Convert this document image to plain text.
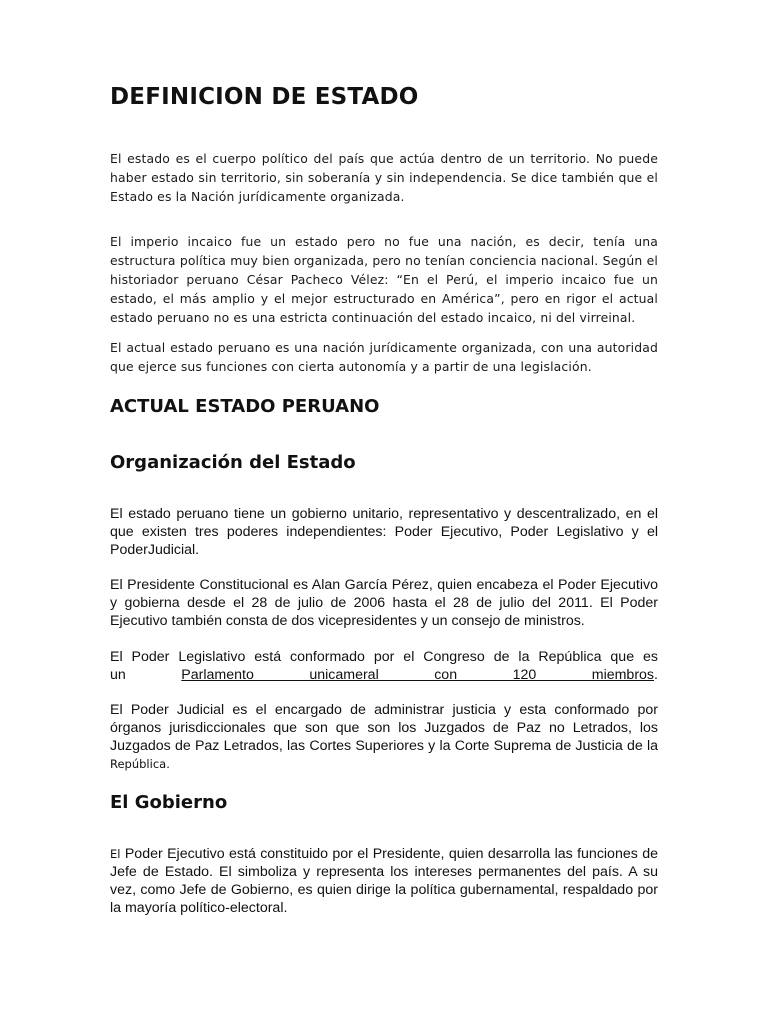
DEFINICION DE ESTADO

El estado es el cuerpo político del país que actúa dentro de un territorio. No puede haber estado sin territorio, sin soberanía y sin independencia. Se dice también que el Estado es la Nación jurídicamente organizada.

El imperio incaico fue un estado pero no fue una nación, es decir, tenía una estructura política muy bien organizada, pero no tenían conciencia nacional. Según el historiador peruano César Pacheco Vélez: “En el Perú, el imperio incaico fue un estado, el más amplio y el mejor estructurado en América”, pero en rigor el actual estado peruano no es una estricta continuación del estado incaico, ni del virreinal.

El actual estado peruano es una nación jurídicamente organizada, con una autoridad que ejerce sus funciones con cierta autonomía y a partir de una legislación.

ACTUAL ESTADO PERUANO
Organización del Estado

El estado peruano tiene un gobierno unitario, representativo y descentralizado, en el que existen tres poderes independientes: Poder Ejecutivo, Poder Legislativo y el PoderJudicial.

El Presidente Constitucional es Alan García Pérez, quien encabeza el Poder Ejecutivo y gobierna desde el 28 de julio de 2006 hasta el 28 de julio del 2011. El Poder Ejecutivo también consta de dos vicepresidentes y un consejo de ministros.

El Poder Legislativo está conformado por el Congreso de la República que es
un	Parlamento unicameral con 120 miembros.

El Poder Judicial es el encargado de administrar justicia y esta conformado por órganos jurisdiccionales que son que son los Juzgados de Paz no Letrados, los Juzgados de Paz Letrados, las Cortes Superiores y la Corte Suprema de Justicia de la República.

El Gobierno

El Poder Ejecutivo está constituido por el Presidente, quien desarrolla las funciones de Jefe de Estado. El simboliza y representa los intereses permanentes del país. A su vez, como Jefe de Gobierno, es quien dirige la política gubernamental, respaldado por la mayoría político-electoral.
